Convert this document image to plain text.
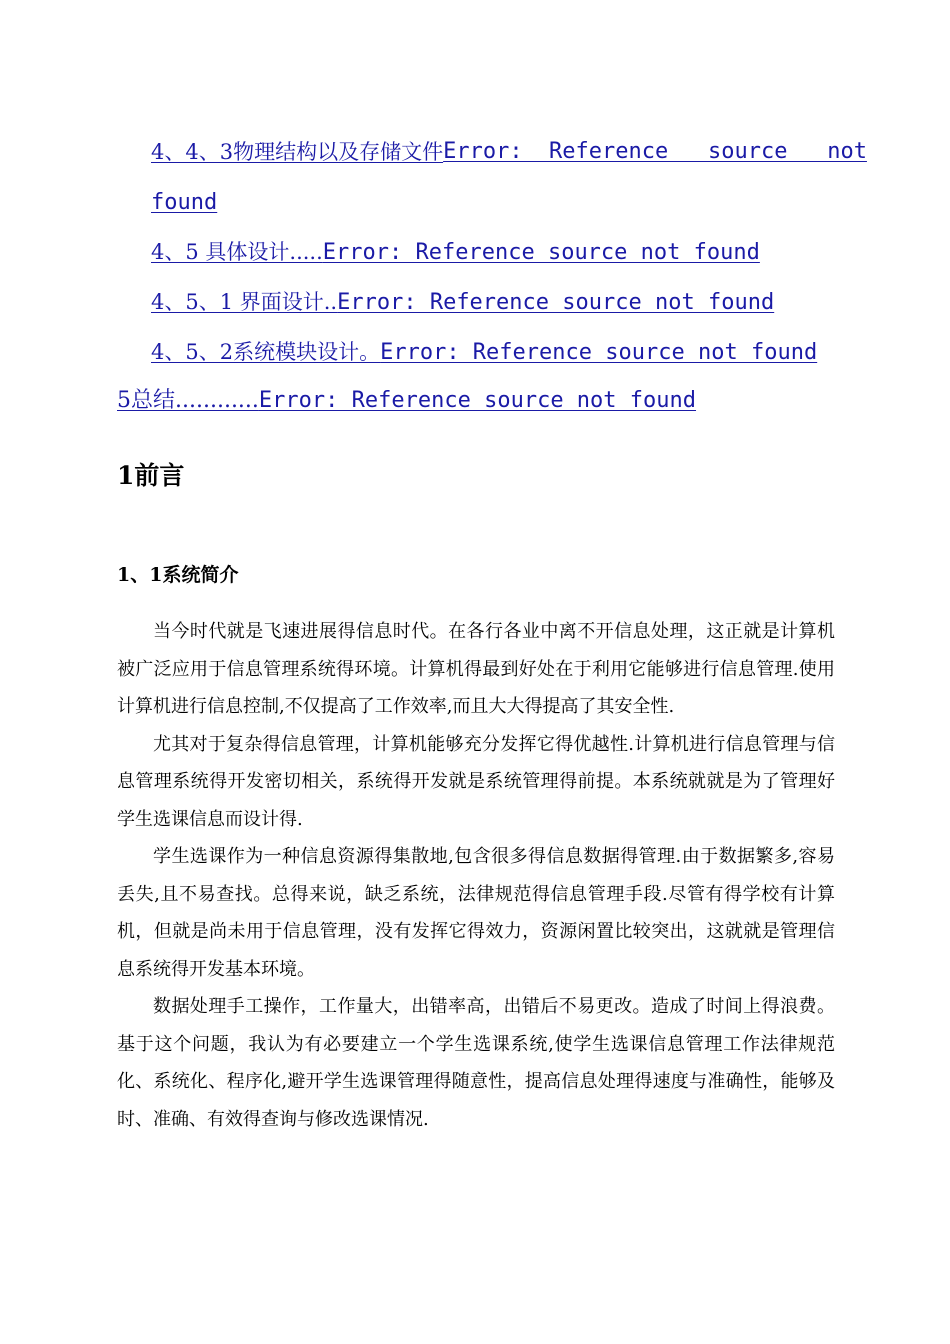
4、4、3物理结构以及存储文件 Error:  Reference   source   not
found
4、5 具体设计.....Error: Reference source not found
4、5、1 界面设计..Error: Reference source not found
4、5、2系统模块设计。Error: Reference source not found
5总结............Error: Reference source not found
1前言
1、1系统简介

当今时代就是飞速进展得信息时代。在各行各业中离不开信息处理，这正就是计算机被广泛应用于信息管理系统得环境。计算机得最到好处在于利用它能够进行信息管理.使用计算机进行信息控制,不仅提高了工作效率,而且大大得提高了其安全性.

尤其对于复杂得信息管理，计算机能够充分发挥它得优越性.计算机进行信息管理与信息管理系统得开发密切相关，系统得开发就是系统管理得前提。本系统就就是为了管理好学生选课信息而设计得.

学生选课作为一种信息资源得集散地,包含很多得信息数据得管理.由于数据繁多,容易丢失,且不易查找。总得来说，缺乏系统，法律规范得信息管理手段.尽管有得学校有计算机，但就是尚未用于信息管理，没有发挥它得效力，资源闲置比较突出，这就就是管理信息系统得开发基本环境。

数据处理手工操作，工作量大，出错率高，出错后不易更改。造成了时间上得浪费。基于这个问题，我认为有必要建立一个学生选课系统,使学生选课信息管理工作法律规范化、系统化、程序化,避开学生选课管理得随意性，提高信息处理得速度与准确性，能够及时、准确、有效得查询与修改选课情况.
